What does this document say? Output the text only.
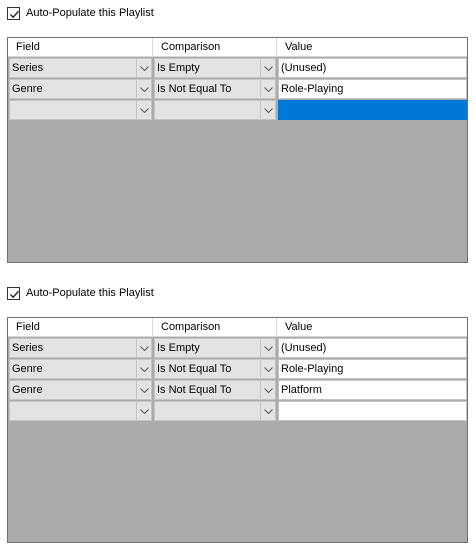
Auto-Populate this Playlist
Field	Comparison	Value
Series	Is Empty	(Unused)
Genre	Is Not Equal To	Role-Playing
Auto-Populate this Playlist
Field	Comparison	Value
Series	Is Empty	(Unused)
Genre	Is Not Equal To	Role-Playing
Genre	Is Not Equal To	Platform
